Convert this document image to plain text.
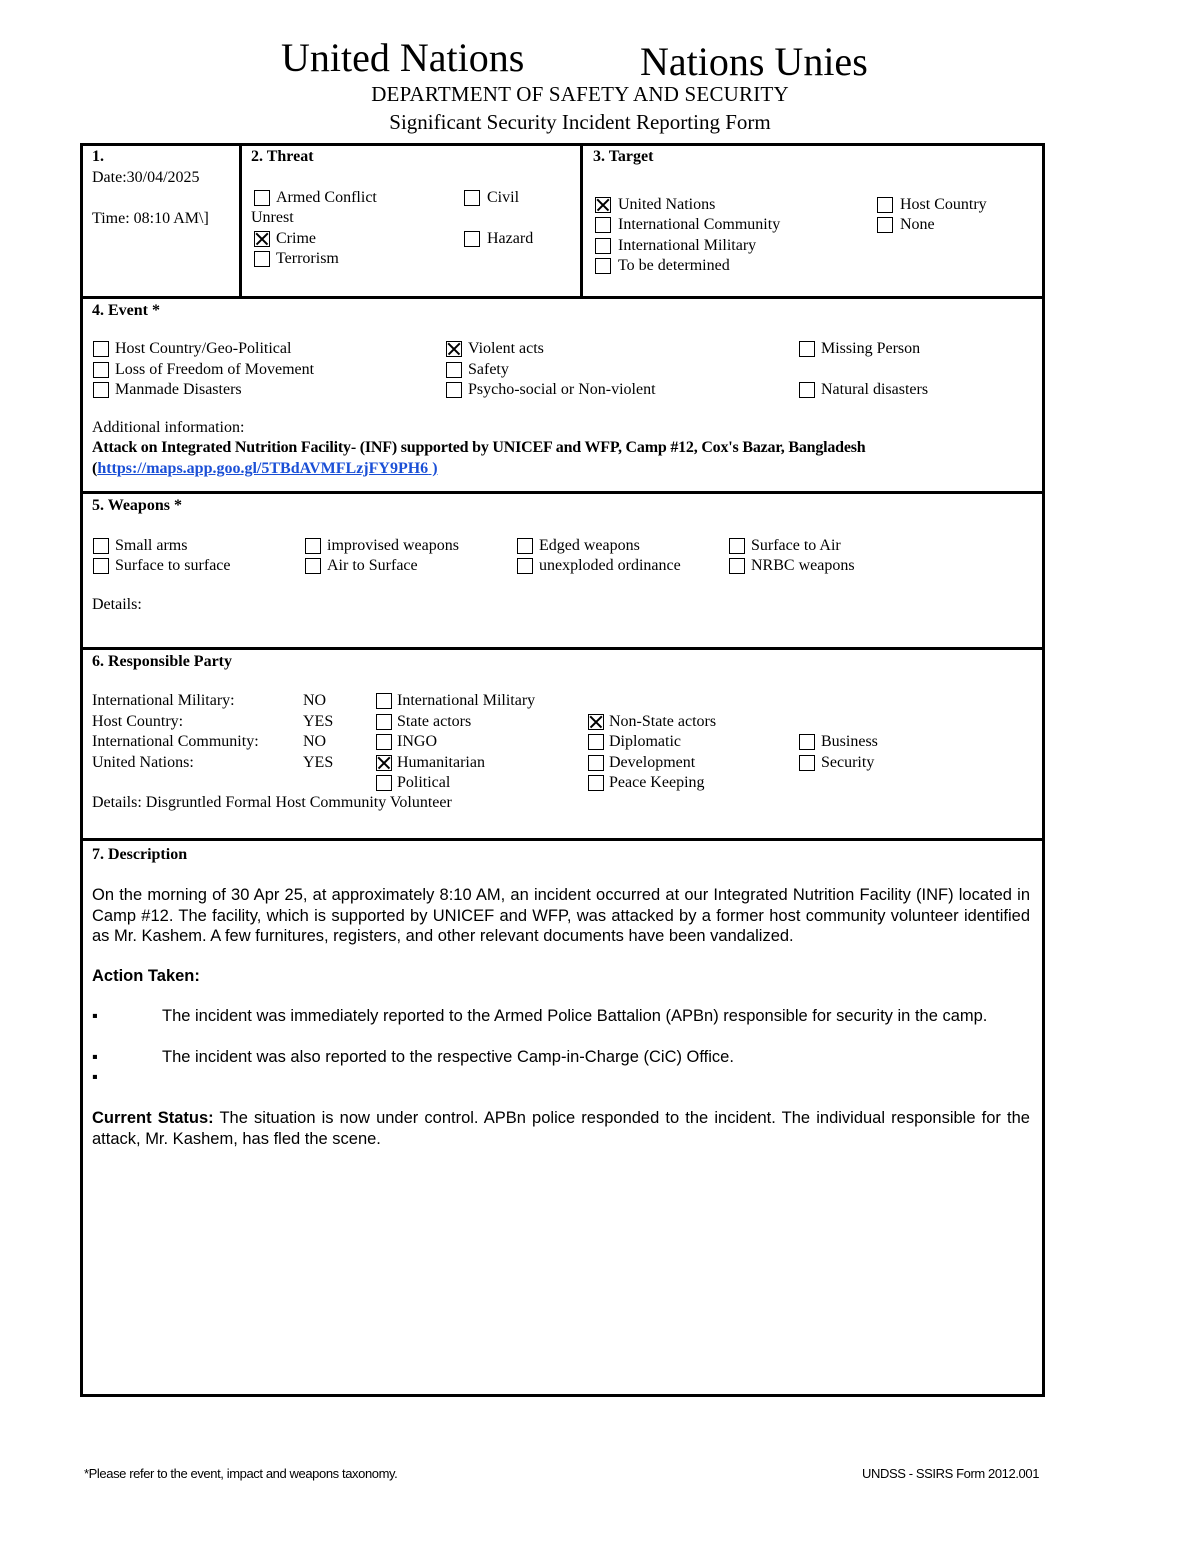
United Nations	Nations Unies
DEPARTMENT OF SAFETY AND SECURITY
Significant Security Incident Reporting Form
1.
Date:30/04/2025
Time: 08:10 AM\]
2. Threat
Armed Conflict	Civil
Unrest
Crime	Hazard
Terrorism
3. Target
United Nations
International Community
International Military
To be determined
Host Country
None
4. Event *
Host Country/Geo-Political
Loss of Freedom of Movement
Manmade Disasters
Violent acts
Safety
Psycho-social or Non-violent
Missing Person
Natural disasters
Additional information:
Attack on Integrated Nutrition Facility- (INF) supported by UNICEF and WFP, Camp #12, Cox's Bazar, Bangladesh
(https://maps.app.goo.gl/5TBdAVMFLzjFY9PH6 )
5. Weapons *
Small arms
Surface to surface
improvised weapons
Air to Surface
Edged weapons
unexploded ordinance
Surface to Air
NRBC weapons
Details:
6. Responsible Party
International Military:	NO
Host Country:	YES
International Community:	NO
United Nations:	YES
International Military
State actors
INGO
Humanitarian
Political
Non-State actors
Diplomatic
Development
Peace Keeping
Business
Security
Details: Disgruntled Formal Host Community Volunteer
7. Description
On the morning of 30 Apr 25, at approximately 8:10 AM, an incident occurred at our Integrated Nutrition Facility (INF) located in Camp #12. The facility, which is supported by UNICEF and WFP, was attacked by a former host community volunteer identified as Mr. Kashem. A few furnitures, registers, and other relevant documents have been vandalized.
Action Taken:
▪	The incident was immediately reported to the Armed Police Battalion (APBn) responsible for security in the camp.
▪	The incident was also reported to the respective Camp-in-Charge (CiC) Office.
▪
Current Status: The situation is now under control. APBn police responded to the incident. The individual responsible for the attack, Mr. Kashem, has fled the scene.
*Please refer to the event, impact and weapons taxonomy.	UNDSS - SSIRS Form 2012.001
